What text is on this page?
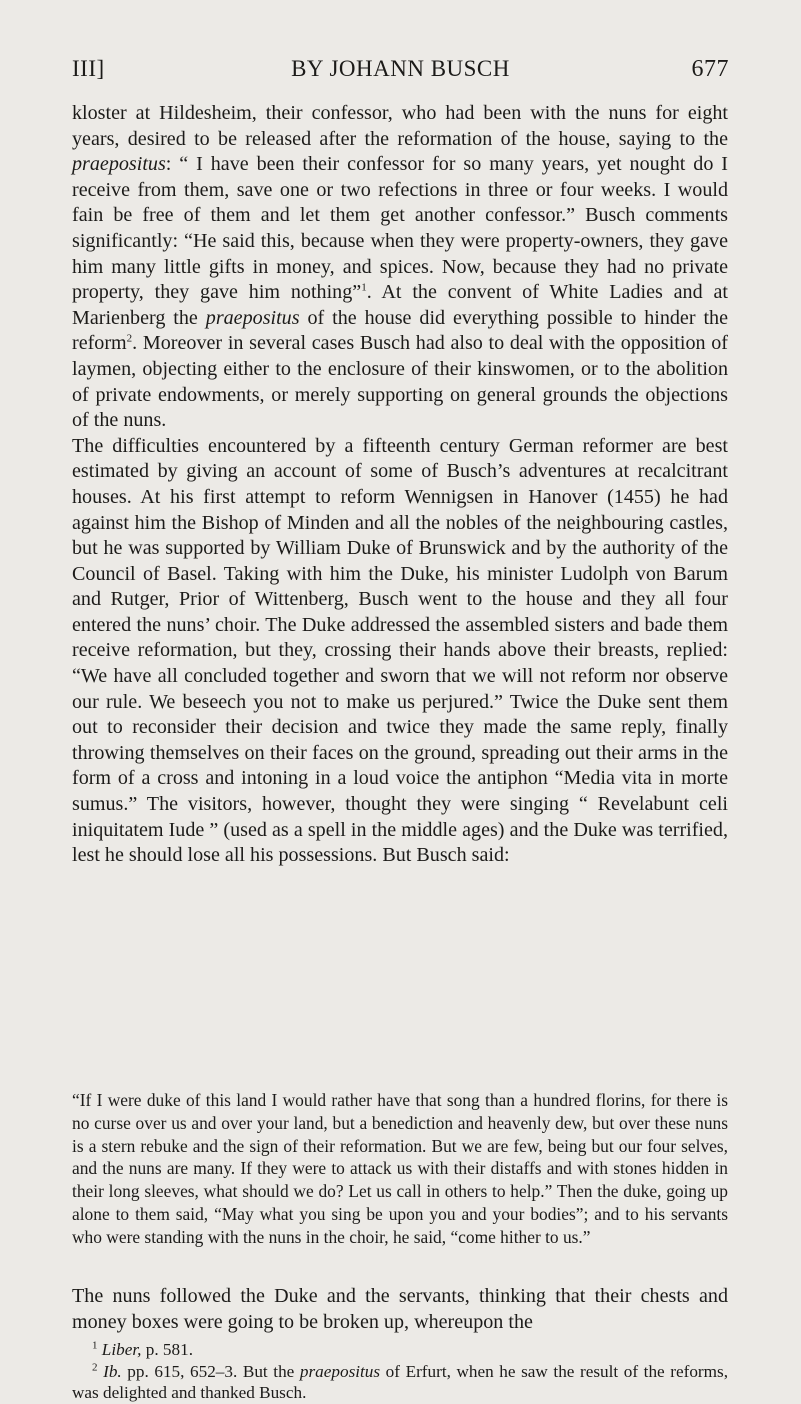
III]	BY JOHANN BUSCH	677

kloster at Hildesheim, their confessor, who had been with the nuns for eight years, desired to be released after the reformation of the house, saying to the praepositus: “ I have been their confessor for so many years, yet nought do I receive from them, save one or two refections in three or four weeks. I would fain be free of them and let them get another confessor.” Busch comments significantly: “He said this, because when they were property-owners, they gave him many little gifts in money, and spices. Now, because they had no private property, they gave him nothing”$^1$. At the convent of White Ladies and at Marienberg the praepositus of the house did everything possible to hinder the reform$^2$. Moreover in several cases Busch had also to deal with the opposition of laymen, objecting either to the enclosure of their kinswomen, or to the abolition of private endowments, or merely supporting on general grounds the objections of the nuns.

The difficulties encountered by a fifteenth century German reformer are best estimated by giving an account of some of Busch’s adventures at recalcitrant houses. At his first attempt to reform Wennigsen in Hanover (1455) he had against him the Bishop of Minden and all the nobles of the neighbouring castles, but he was supported by William Duke of Brunswick and by the authority of the Council of Basel. Taking with him the Duke, his minister Ludolph von Barum and Rutger, Prior of Wittenberg, Busch went to the house and they all four entered the nuns’ choir. The Duke addressed the assembled sisters and bade them receive reformation, but they, crossing their hands above their breasts, replied: “We have all concluded together and sworn that we will not reform nor observe our rule. We beseech you not to make us perjured.” Twice the Duke sent them out to reconsider their decision and twice they made the same reply, finally throwing themselves on their faces on the ground, spreading out their arms in the form of a cross and intoning in a loud voice the antiphon “Media vita in morte sumus.” The visitors, however, thought they were singing “ Revelabunt celi iniquitatem Iude ” (used as a spell in the middle ages) and the Duke was terrified, lest he should lose all his possessions. But Busch said:

“If I were duke of this land I would rather have that song than a hundred florins, for there is no curse over us and over your land, but a benediction and heavenly dew, but over these nuns is a stern rebuke and the sign of their reformation. But we are few, being but our four selves, and the nuns are many. If they were to attack us with their distaffs and with stones hidden in their long sleeves, what should we do? Let us call in others to help.” Then the duke, going up alone to them said, “May what you sing be upon you and your bodies”; and to his servants who were standing with the nuns in the choir, he said, “come hither to us.”

The nuns followed the Duke and the servants, thinking that their chests and money boxes were going to be broken up, whereupon the

$^1$ Liber, p. 581.

$^2$ Ib. pp. 615, 652–3. But the praepositus of Erfurt, when he saw the result of the reforms, was delighted and thanked Busch.
